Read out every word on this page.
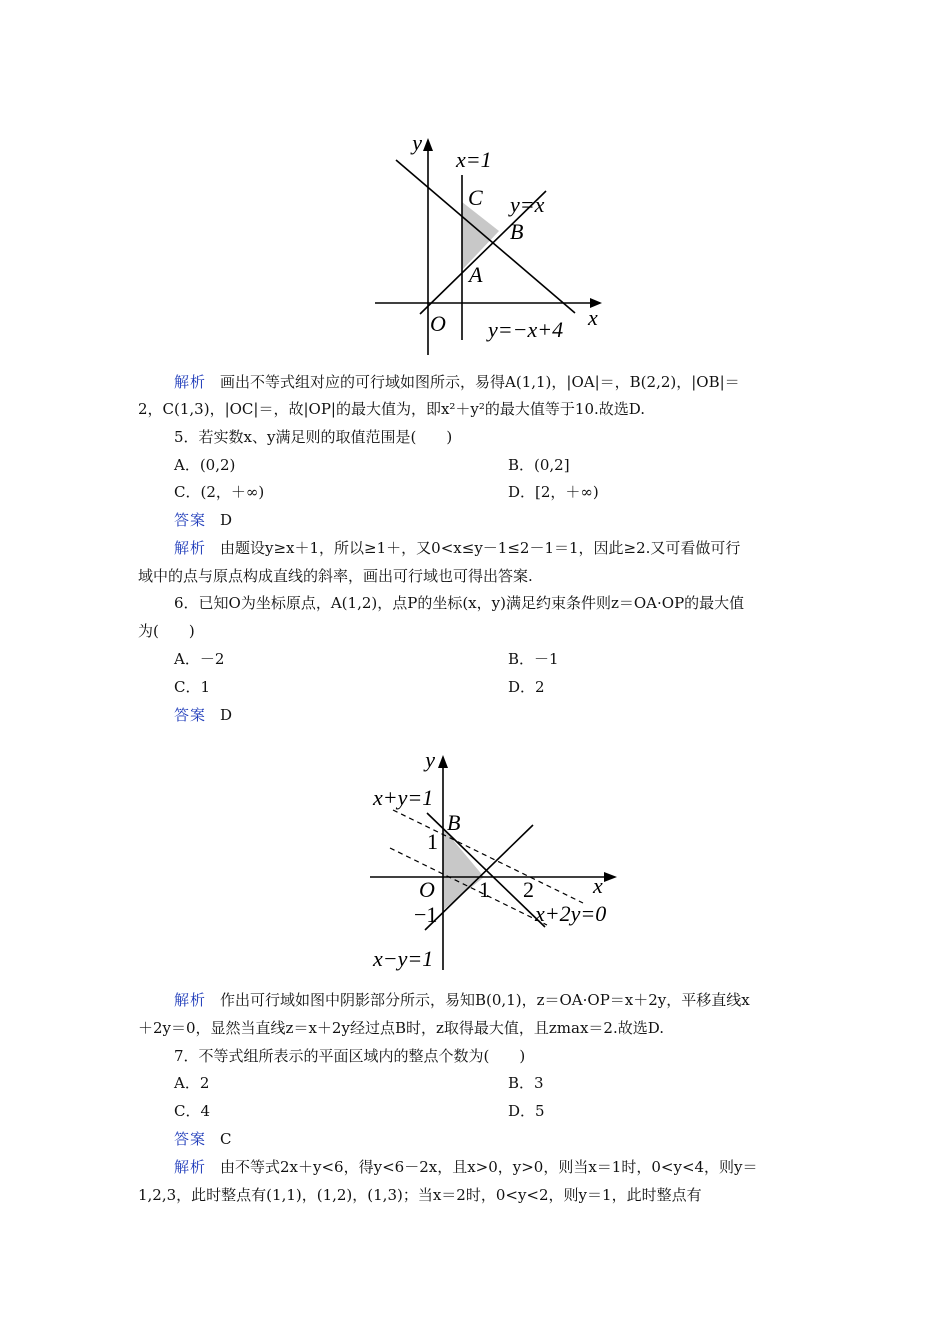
y
x
O
x=1
C y=x
B
A
y=−x+4
解析 画出不等式组对应的可行域如图所示，易得A(1,1)，|OA|＝，B(2,2)，|OB|＝
2，C(1,3)，|OC|＝，故|OP|的最大值为，即x²＋y²的最大值等于10.故选D.
5．若实数x、y满足则的取值范围是(　　)
A．(0,2)	B．(0,2]
C．(2，＋∞)	D．[2，＋∞)
答案 D
解析 由题设y≥x＋1，所以≥1＋，又0<x≤y－1≤2－1＝1，因此≥2.又可看做可行
域中的点与原点构成直线的斜率，画出可行域也可得出答案.
6．已知O为坐标原点，A(1,2)，点P的坐标(x，y)满足约束条件则z＝OA·OP的最大值
为(　　)
A．－2	B．－1
C．1	D．2
答案 D
y
x
O
x+y=1
B
1
−1
1 2
x+2y=0
x−y=1
解析 作出可行域如图中阴影部分所示，易知B(0,1)，z＝OA·OP＝x＋2y，平移直线x
＋2y＝0，显然当直线z＝x＋2y经过点B时，z取得最大值，且zmax＝2.故选D.
7．不等式组所表示的平面区域内的整点个数为(　　)
A．2	B．3
C．4	D．5
答案 C
解析 由不等式2x＋y<6，得y<6－2x，且x>0，y>0，则当x＝1时，0<y<4，则y＝
1,2,3，此时整点有(1,1)，(1,2)，(1,3)；当x＝2时，0<y<2，则y＝1，此时整点有
